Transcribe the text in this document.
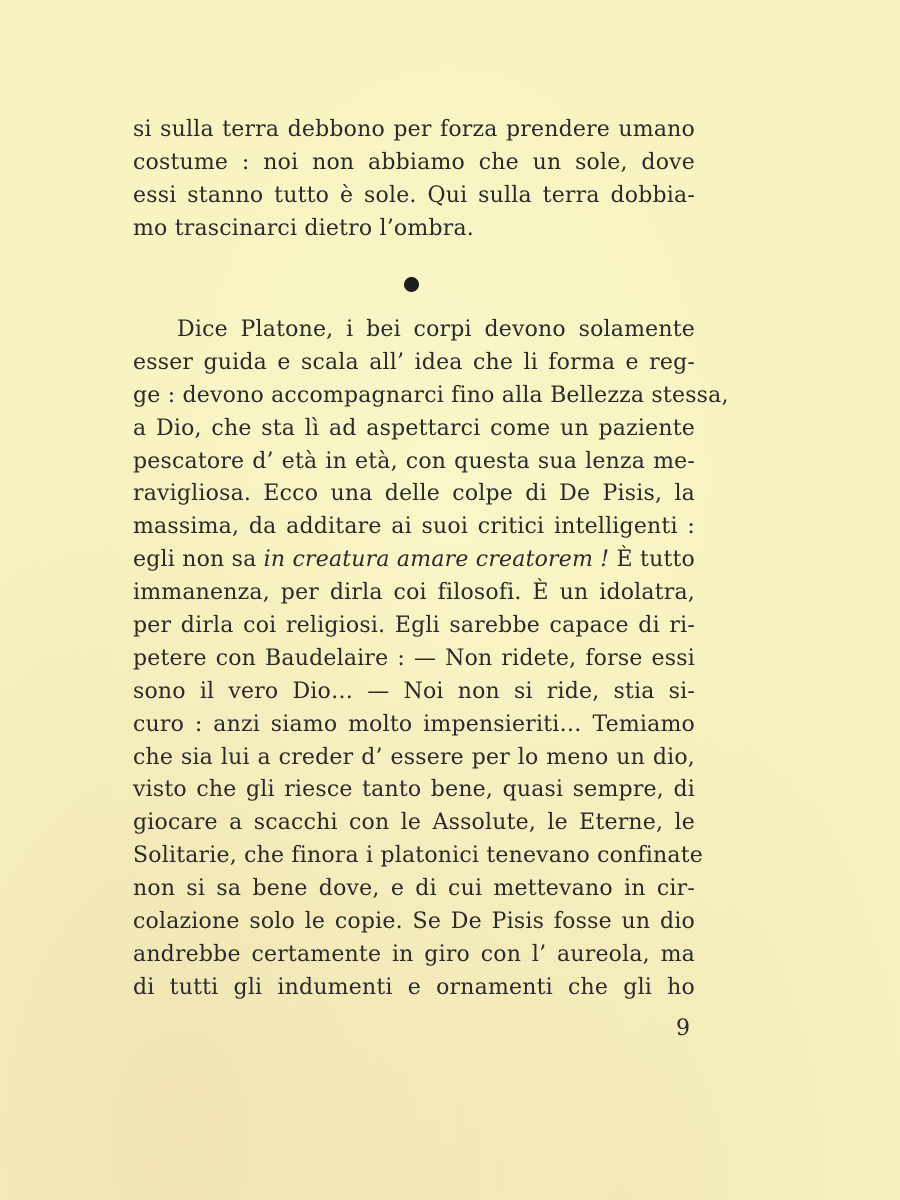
si sulla terra debbono per forza prendere umano
costume : noi non abbiamo che un sole, dove
essi stanno tutto è sole. Qui sulla terra dobbia-
mo trascinarci dietro l’ombra.
Dice Platone, i bei corpi devono solamente
esser guida e scala all’ idea che li forma e reg-
ge : devono accompagnarci fino alla Bellezza stessa,
a Dio, che sta lì ad aspettarci come un paziente
pescatore d’ età in età, con questa sua lenza me-
ravigliosa. Ecco una delle colpe di De Pisis, la
massima, da additare ai suoi critici intelligenti :
egli non sa in creatura amare creatorem ! È tutto
immanenza, per dirla coi filosofi. È un idolatra,
per dirla coi religiosi. Egli sarebbe capace di ri-
petere con Baudelaire : — Non ridete, forse essi
sono il vero Dio… — Noi non si ride, stia si-
curo : anzi siamo molto impensieriti… Temiamo
che sia lui a creder d’ essere per lo meno un dio,
visto che gli riesce tanto bene, quasi sempre, di
giocare a scacchi con le Assolute, le Eterne, le
Solitarie, che finora i platonici tenevano confinate
non si sa bene dove, e di cui mettevano in cir-
colazione solo le copie. Se De Pisis fosse un dio
andrebbe certamente in giro con l’ aureola, ma
di tutti gli indumenti e ornamenti che gli ho
9
